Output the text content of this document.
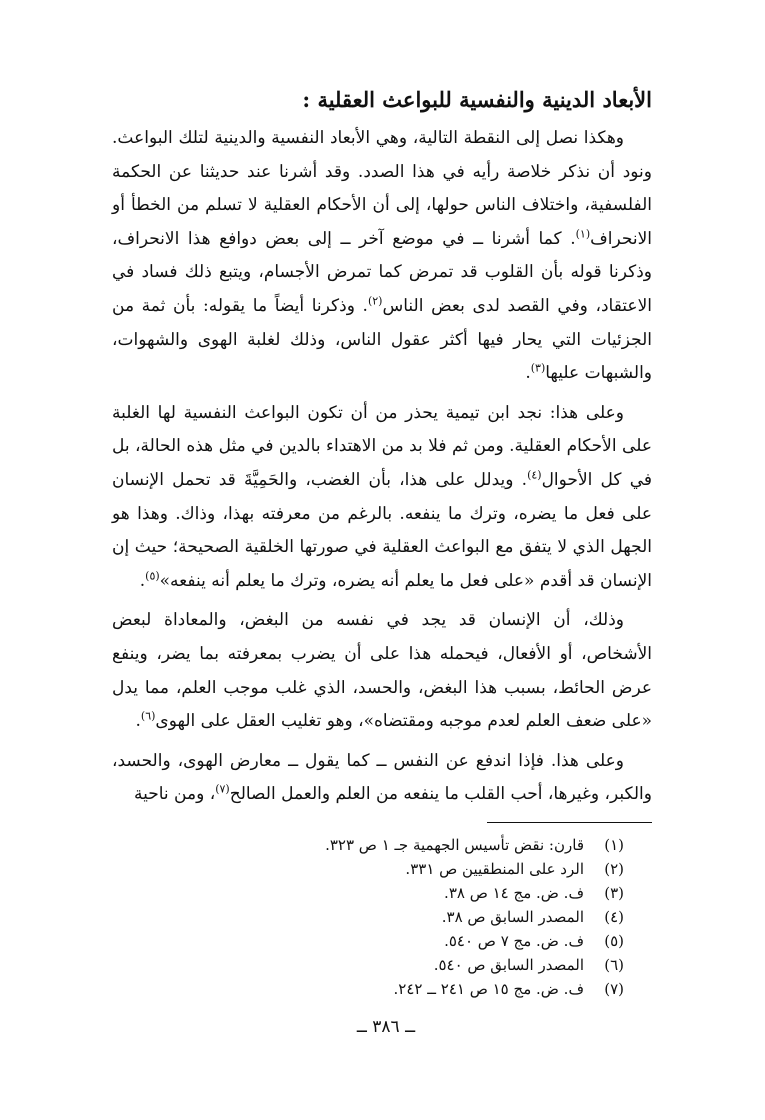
الأبعاد الدينية والنفسية للبواعث العقلية :

وهكذا نصل إلى النقطة التالية، وهي الأبعاد النفسية والدينية لتلك البواعث. ونود أن نذكر خلاصة رأيه في هذا الصدد. وقد أشرنا عند حديثنا عن الحكمة الفلسفية، واختلاف الناس حولها، إلى أن الأحكام العقلية لا تسلم من الخطأ أو الانحراف$^{(١)}$. كما أشرنا ــ في موضع آخر ــ إلى بعض دوافع هذا الانحراف، وذكرنا قوله بأن القلوب قد تمرض كما تمرض الأجسام، ويتبع ذلك فساد في الاعتقاد، وفي القصد لدى بعض الناس$^{(٢)}$. وذكرنا أيضاً ما يقوله: بأن ثمة من الجزئيات التي يحار فيها أكثر عقول الناس، وذلك لغلبة الهوى والشهوات، والشبهات عليها$^{(٣)}$.

وعلى هذا: نجد ابن تيمية يحذر من أن تكون البواعث النفسية لها الغلبة على الأحكام العقلية. ومن ثم فلا بد من الاهتداء بالدين في مثل هذه الحالة، بل في كل الأحوال$^{(٤)}$. ويدلل على هذا، بأن الغضب، والحَمِيَّةَ قد تحمل الإنسان على فعل ما يضره، وترك ما ينفعه. بالرغم من معرفته بهذا، وذاك. وهذا هو الجهل الذي لا يتفق مع البواعث العقلية في صورتها الخلقية الصحيحة؛ حيث إن الإنسان قد أقدم «على فعل ما يعلم أنه يضره، وترك ما يعلم أنه ينفعه»$^{(٥)}$.

وذلك، أن الإنسان قد يجد في نفسه من البغض، والمعاداة لبعض الأشخاص، أو الأفعال، فيحمله هذا على أن يضرب بمعرفته بما يضر، وينفع عرض الحائط، بسبب هذا البغض، والحسد، الذي غلب موجب العلم، مما يدل «على ضعف العلم لعدم موجبه ومقتضاه»، وهو تغليب العقل على الهوى$^{(٦)}$.

وعلى هذا. فإذا اندفع عن النفس ــ كما يقول ــ معارض الهوى، والحسد، والكبر، وغيرها، أحب القلب ما ينفعه من العلم والعمل الصالح$^{(٧)}$، ومن ناحية

(١)
قارن: نقض تأسيس الجهمية جـ ١ ص ٣٢٣.
(٢)
الرد على المنطقيين ص ٣٣١.
(٣)
ف. ض. مج ١٤ ص ٣٨.
(٤)
المصدر السابق ص ٣٨.
(٥)
ف. ض. مج ٧ ص ٥٤٠.
(٦)
المصدر السابق ص ٥٤٠.
(٧)
ف. ض. مج ١٥ ص ٢٤١ ــ ٢٤٢.
ــ ٣٨٦ ــ
